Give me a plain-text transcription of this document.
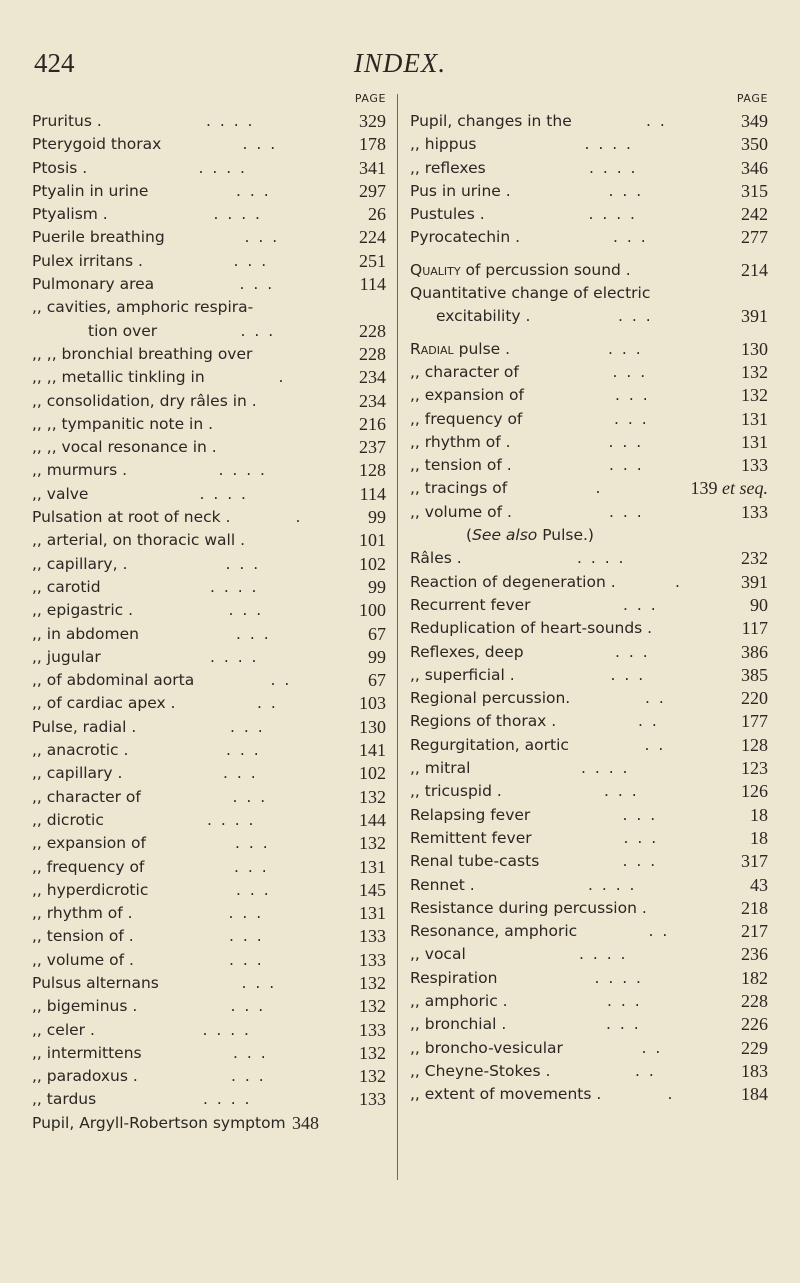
424	INDEX.
PAGE
Pruritus .	. . . .	329
Pterygoid thorax	. . .	178
Ptosis .	. . . .	341
Ptyalin in urine	. . .	297
Ptyalism .	. . . .	26
Puerile breathing	. . .	224
Pulex irritans .	. . .	251
Pulmonary area	. . .	114
,, cavities, amphoric respira-
tion over	. . .	228
,, ,, bronchial breathing over	228
,, ,, metallic tinkling in	.	234
,, consolidation, dry râles in .	234
,, ,, tympanitic note in .	216
,, ,, vocal resonance in .	237
,, murmurs .	. . . .	128
,, valve	. . . .	114
Pulsation at root of neck .	.	99
,, arterial, on thoracic wall .	101
,, capillary, .	. . .	102
,, carotid	. . . .	99
,, epigastric .	. . .	100
,, in abdomen	. . .	67
,, jugular	. . . .	99
,, of abdominal aorta	. .	67
,, of cardiac apex .	. .	103
Pulse, radial .	. . .	130
,, anacrotic .	. . .	141
,, capillary .	. . .	102
,, character of	. . .	132
,, dicrotic	. . . .	144
,, expansion of	. . .	132
,, frequency of	. . .	131
,, hyperdicrotic	. . .	145
,, rhythm of .	. . .	131
,, tension of .	. . .	133
,, volume of .	. . .	133
Pulsus alternans	. . .	132
,, bigeminus .	. . .	132
,, celer .	. . . .	133
,, intermittens	. . .	132
,, paradoxus .	. . .	132
,, tardus	. . . .	133
Pupil, Argyll-Robertson symptom 348
PAGE
Pupil, changes in the	. .	349
,, hippus	. . . .	350
,, reflexes	. . . .	346
Pus in urine .	. . .	315
Pustules .	. . . .	242
Pyrocatechin .	. . .	277
Quality of percussion sound .	214
Quantitative change of electric
excitability .	. . .	391
Radial pulse .	. . .	130
,, character of	. . .	132
,, expansion of	. . .	132
,, frequency of	. . .	131
,, rhythm of .	. . .	131
,, tension of .	. . .	133
,, tracings of	.	139 et seq.
,, volume of .	. . .	133
(See also Pulse.)
Râles .	. . . .	232
Reaction of degeneration .	.	391
Recurrent fever	. . .	90
Reduplication of heart-sounds .	117
Reflexes, deep	. . .	386
,, superficial .	. . .	385
Regional percussion.	. .	220
Regions of thorax .	. .	177
Regurgitation, aortic	. .	128
,, mitral	. . . .	123
,, tricuspid .	. . .	126
Relapsing fever	. . .	18
Remittent fever	. . .	18
Renal tube-casts	. . .	317
Rennet .	. . . .	43
Resistance during percussion .	218
Resonance, amphoric	. .	217
,, vocal	. . . .	236
Respiration	. . . .	182
,, amphoric .	. . .	228
,, bronchial .	. . .	226
,, broncho-vesicular	. .	229
,, Cheyne-Stokes .	. .	183
,, extent of movements .	.	184
